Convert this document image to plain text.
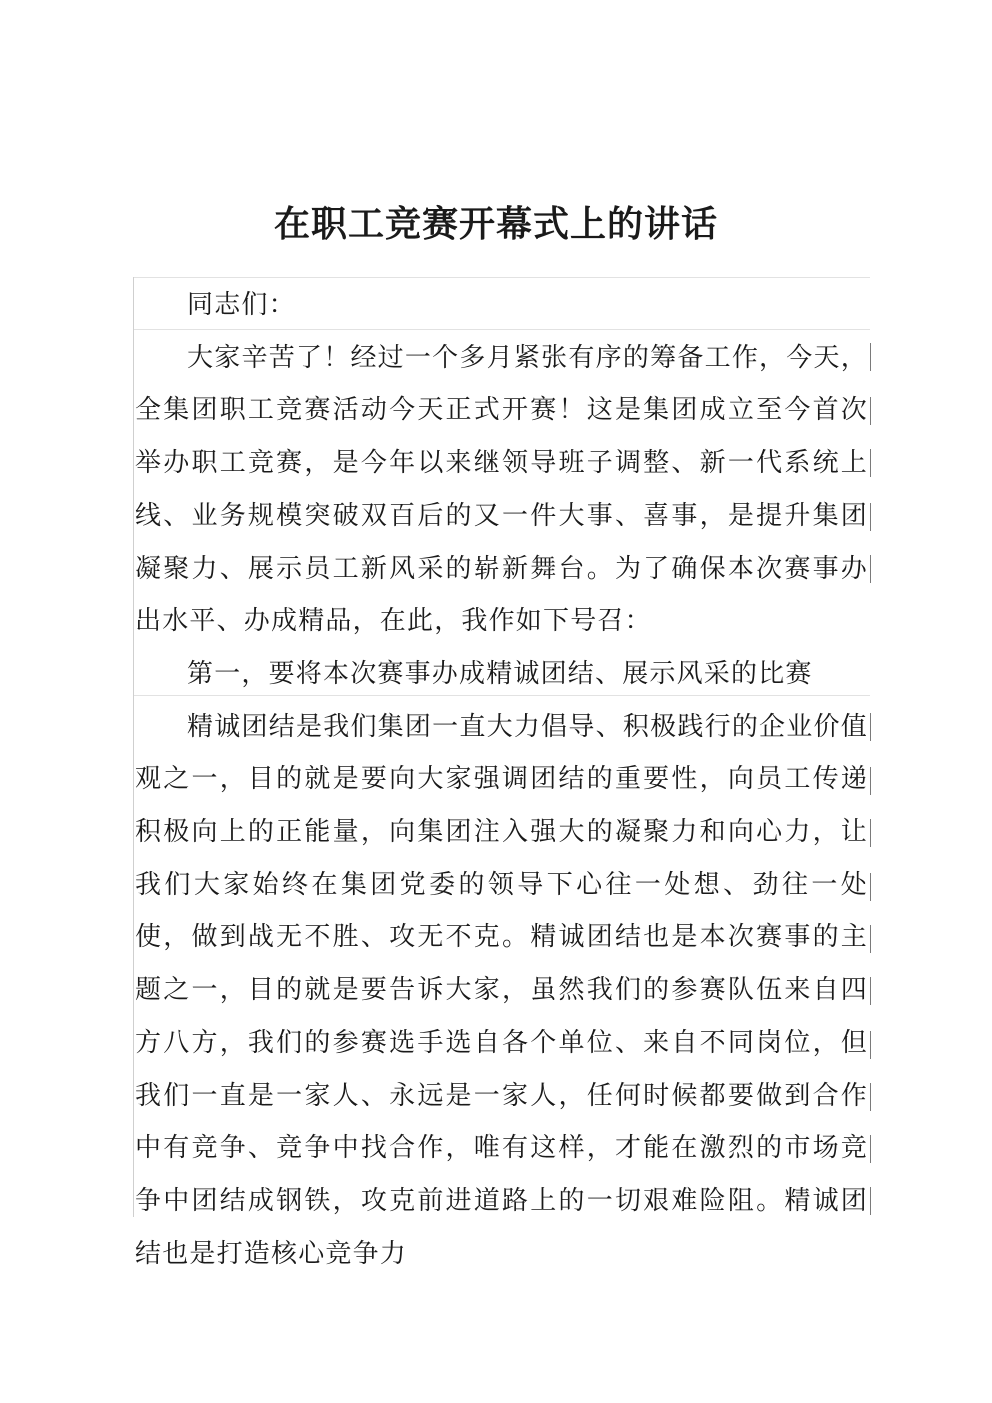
在职工竞赛开幕式上的讲话

同志们：

大家辛苦了！经过一个多月紧张有序的筹备工作，今天，全集团职工竞赛活动今天正式开赛！这是集团成立至今首次举办职工竞赛，是今年以来继领导班子调整、新一代系统上线、业务规模突破双百后的又一件大事、喜事，是提升集团凝聚力、展示员工新风采的崭新舞台。为了确保本次赛事办出水平、办成精品，在此，我作如下号召：

第一，要将本次赛事办成精诚团结、展示风采的比赛

精诚团结是我们集团一直大力倡导、积极践行的企业价值观之一，目的就是要向大家强调团结的重要性，向员工传递积极向上的正能量，向集团注入强大的凝聚力和向心力，让我们大家始终在集团党委的领导下心往一处想、劲往一处使，做到战无不胜、攻无不克。精诚团结也是本次赛事的主题之一，目的就是要告诉大家，虽然我们的参赛队伍来自四方八方，我们的参赛选手选自各个单位、来自不同岗位，但我们一直是一家人、永远是一家人，任何时候都要做到合作中有竞争、竞争中找合作，唯有这样，才能在激烈的市场竞争中团结成钢铁，攻克前进道路上的一切艰难险阻。精诚团结也是打造核心竞争力
